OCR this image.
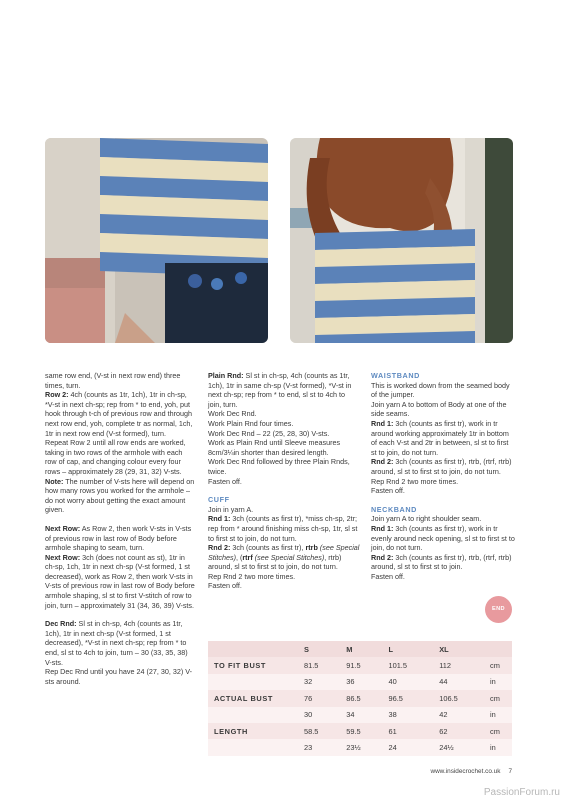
same row end, (V-st in next row end) three times, turn.

Row 2: 4ch (counts as 1tr, 1ch), 1tr in ch-sp, *V-st in next ch-sp; rep from * to end, yoh, put hook through t-ch of previous row and through next row end, yoh, complete tr as normal, 1ch, 1tr in next row end (V-st formed), turn.

Repeat Row 2 until all row ends are worked, taking in two rows of the armhole with each row of cap, and changing colour every four rows – approximately 28 (29, 31, 32) V-sts.

Note: The number of V-sts here will depend on how many rows you worked for the armhole – do not worry about getting the exact amount given.

Next Row: As Row 2, then work V-sts in V-sts of previous row in last row of Body before armhole shaping to seam, turn.

Next Row: 3ch (does not count as st), 1tr in ch-sp, 1ch, 1tr in next ch-sp (V-st formed, 1 st decreased), work as Row 2, then work V-sts in V-sts of previous row in last row of Body before armhole shaping, sl st to first V-stitch of row to join, turn – approximately 31 (34, 36, 39) V-sts.

Dec Rnd: Sl st in ch-sp, 4ch (counts as 1tr, 1ch), 1tr in next ch-sp (V-st formed, 1 st decreased), *V-st in next ch-sp; rep from * to end, sl st to 4ch to join, turn – 30 (33, 35, 38) V-sts.

Rep Dec Rnd until you have 24 (27, 30, 32) V-sts around.

Plain Rnd: Sl st in ch-sp, 4ch (counts as 1tr, 1ch), 1tr in same ch-sp (V-st formed), *V-st in next ch-sp; rep from * to end, sl st to 4ch to join, turn.

Work Dec Rnd.

Work Plain Rnd four times.

Work Dec Rnd – 22 (25, 28, 30) V-sts.

Work as Plain Rnd until Sleeve measures 8cm/3¼in shorter than desired length.

Work Dec Rnd followed by three Plain Rnds, twice.

Fasten off.

CUFF

Join in yarn A.

Rnd 1: 3ch (counts as first tr), *miss ch-sp, 2tr; rep from * around finishing miss ch-sp, 1tr, sl st to first st to join, do not turn.

Rnd 2: 3ch (counts as first tr), rtrb (see Special Stitches), (rtrf (see Special Stitches), rtrb) around, sl st to first st to join, do not turn.

Rep Rnd 2 two more times.

Fasten off.

WAISTBAND

This is worked down from the seamed body of the jumper.

Join yarn A to bottom of Body at one of the side seams.

Rnd 1: 3ch (counts as first tr), work in tr around working approximately 1tr in bottom of each V-st and 2tr in between, sl st to first st to join, do not turn.

Rnd 2: 3ch (counts as first tr), rtrb, (rtrf, rtrb) around, sl st to first st to join, do not turn.

Rep Rnd 2 two more times.

Fasten off.

NECKBAND

Join yarn A to right shoulder seam.

Rnd 1: 3ch (counts as first tr), work in tr evenly around neck opening, sl st to first st to join, do not turn.

Rnd 2: 3ch (counts as first tr), rtrb, (rtrf, rtrb) around, sl st to first st to join.

Fasten off.

END
	S	M	L	XL	
TO FIT BUST	81.5	91.5	101.5	112	cm
	32	36	40	44	in
ACTUAL BUST	76	86.5	96.5	106.5	cm
	30	34	38	42	in
LENGTH	58.5	59.5	61	62	cm
	23	23½	24	24½	in
www.insidecrochet.co.uk 7
PassionForum.ru
